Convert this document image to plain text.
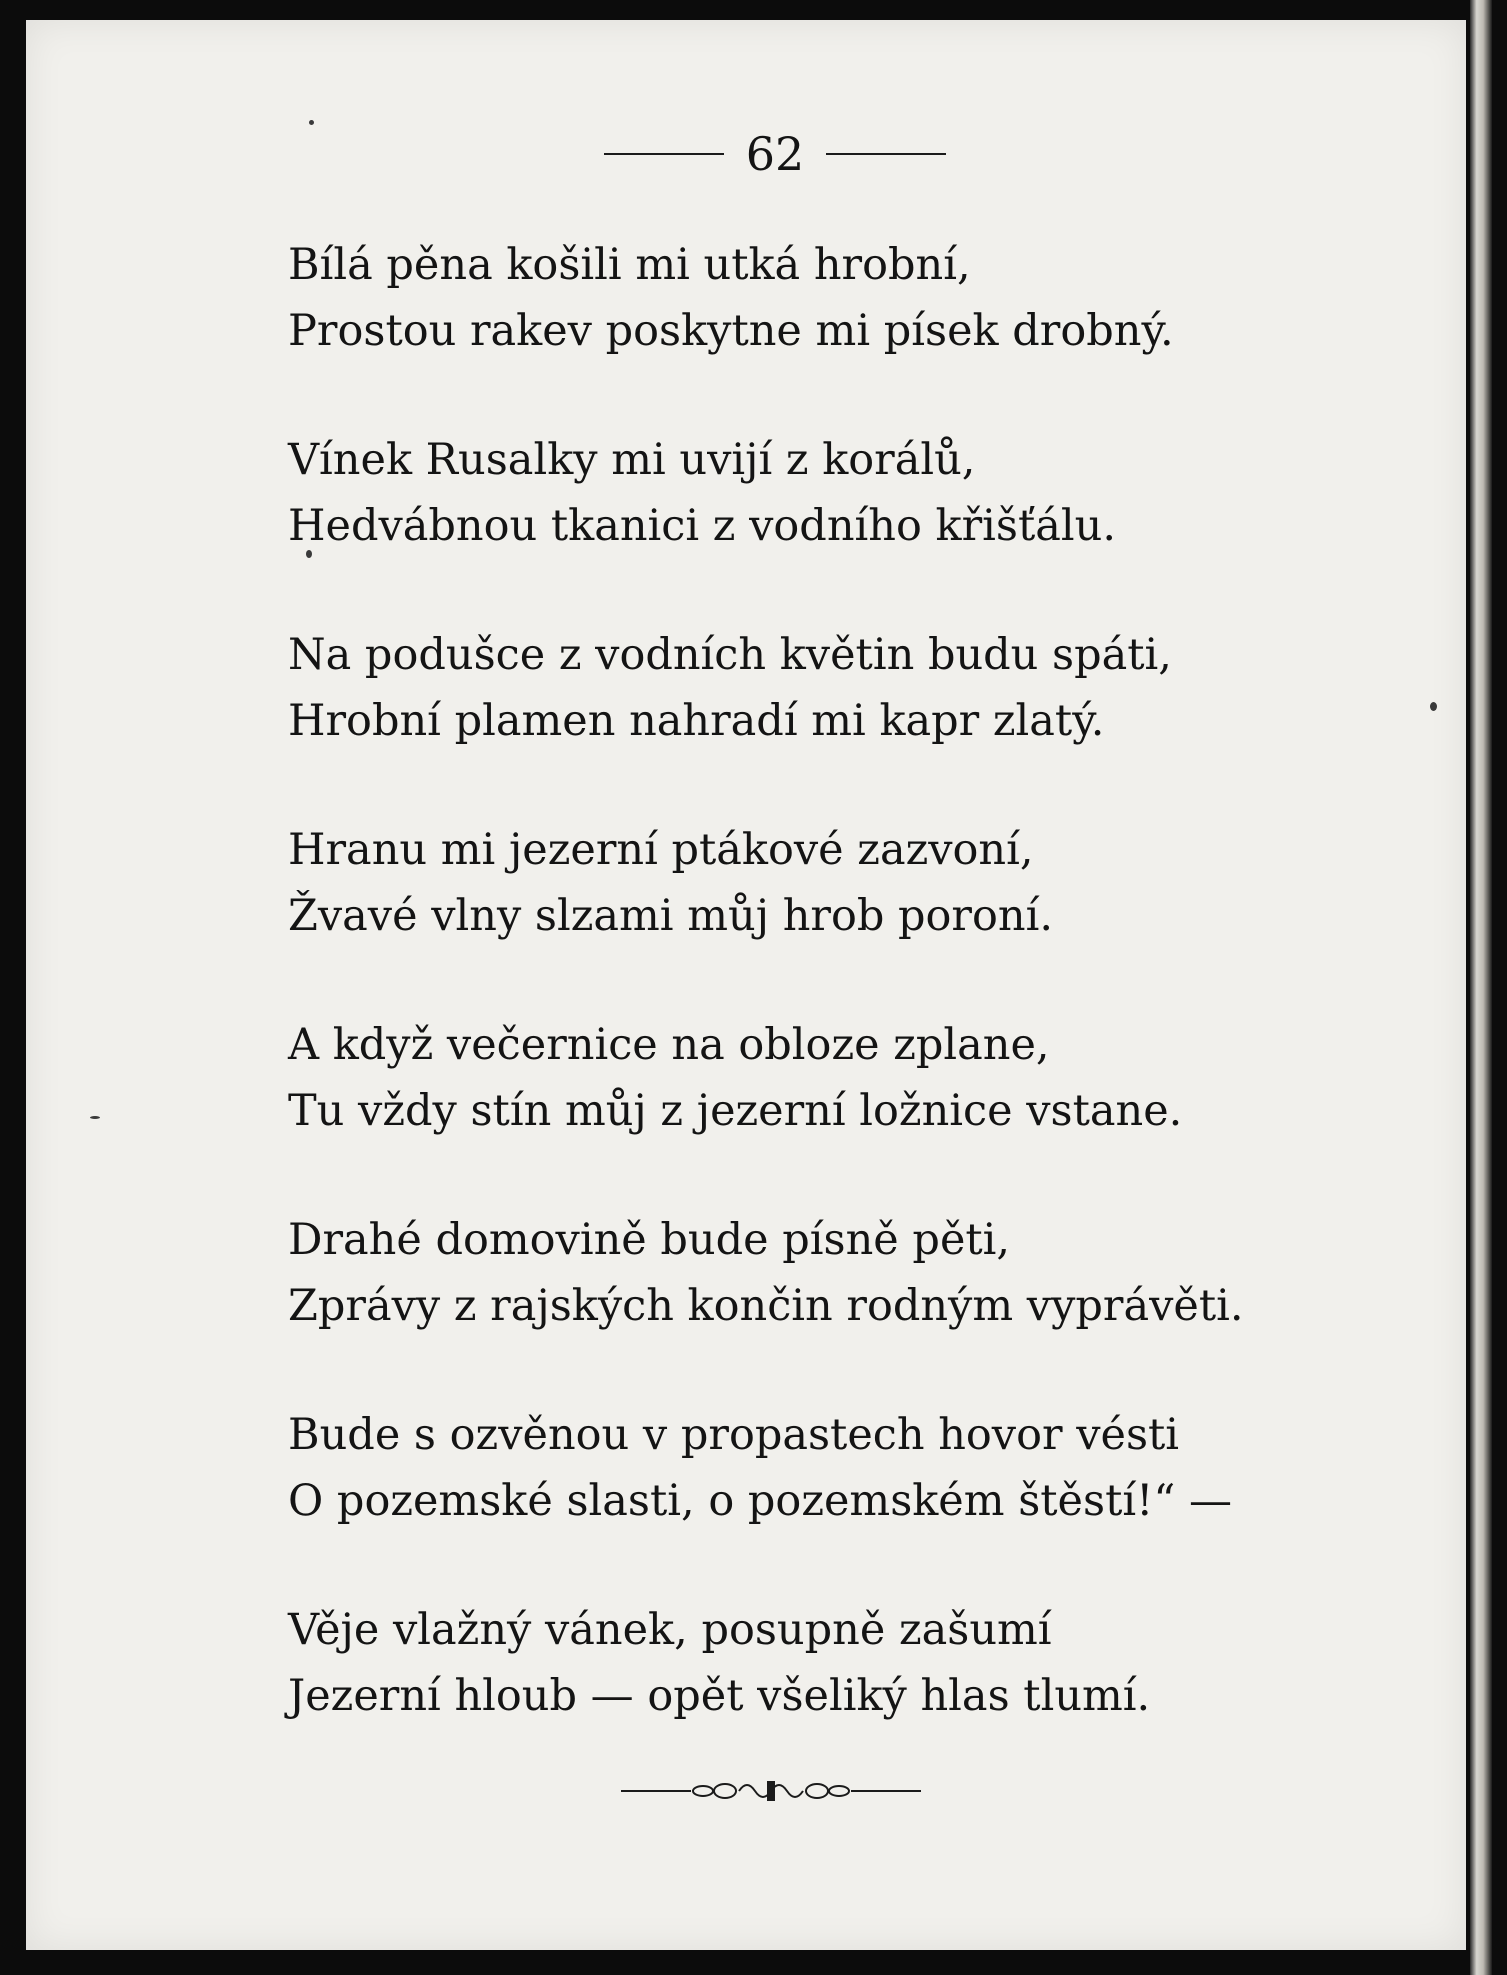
62
Bílá pěna košili mi utká hrobní,
Prostou rakev poskytne mi písek drobný.
Vínek Rusalky mi uvijí z korálů,
Hedvábnou tkanici z vodního křišťálu.
Na podušce z vodních květin budu spáti,
Hrobní plamen nahradí mi kapr zlatý.
Hranu mi jezerní ptákové zazvoní,
Žvavé vlny slzami můj hrob poroní.
A když večernice na obloze zplane,
Tu vždy stín můj z jezerní ložnice vstane.
Drahé domovině bude písně pěti,
Zprávy z rajských končin rodným vyprávěti.
Bude s ozvěnou v propastech hovor vésti
O pozemské slasti, o pozemském štěstí!“ —
Věje vlažný vánek, posupně zašumí
Jezerní hloub — opět všeliký hlas tlumí.
